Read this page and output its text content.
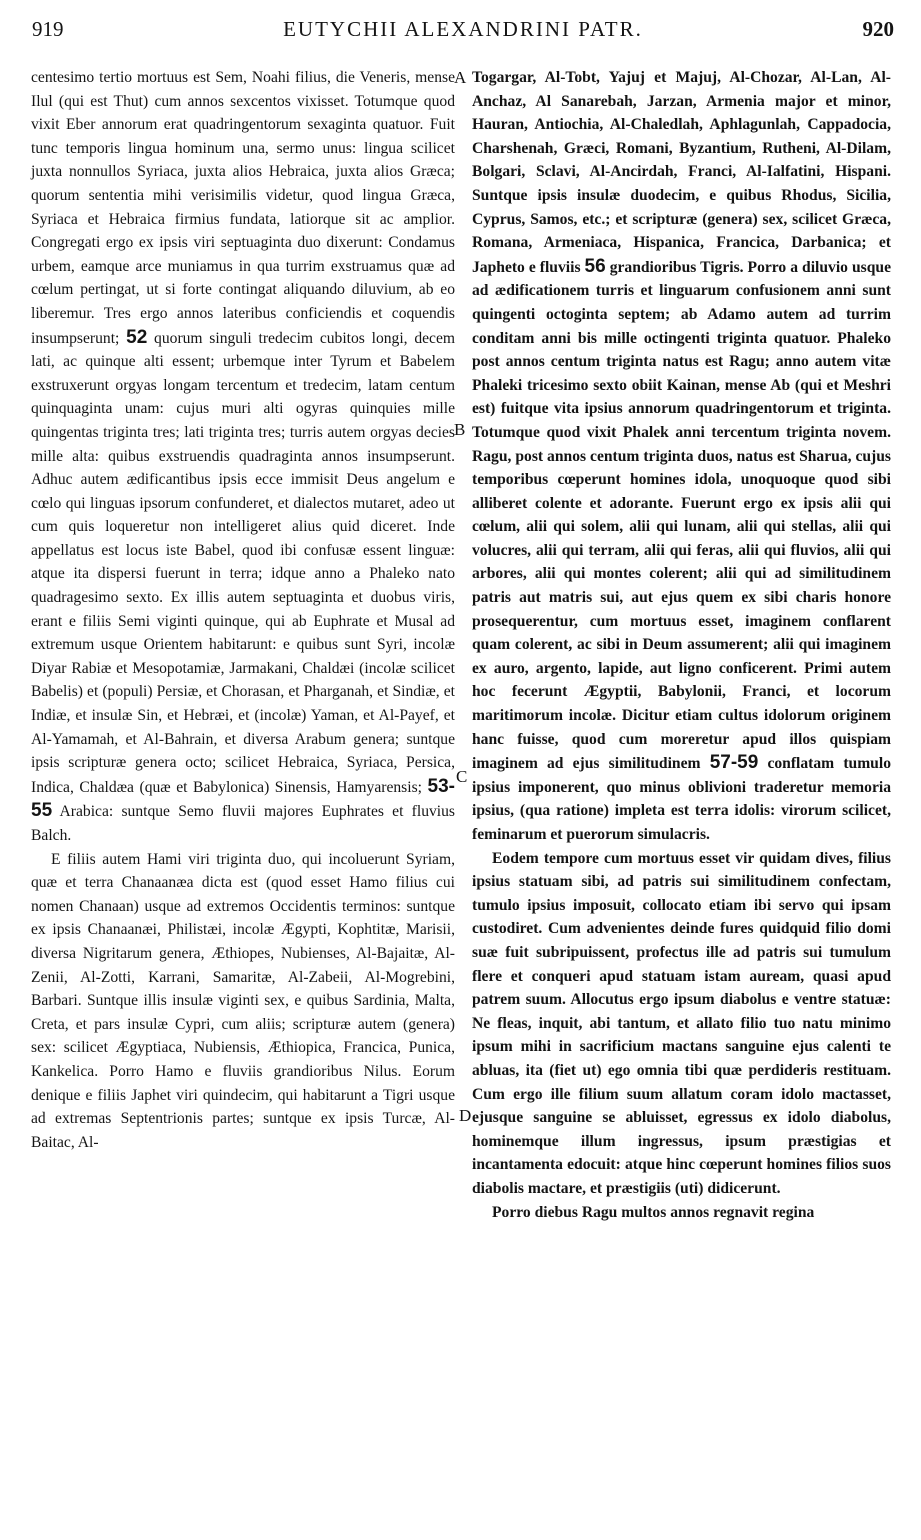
919	EUTYCHII ALEXANDRINI PATR.	920
A
B
C
D

centesimo tertio mortuus est Sem, Noahi filius, die Veneris, mense Ilul (qui est Thut) cum annos sexcentos vixisset. Totumque quod vixit Eber annorum erat quadringentorum sexaginta quatuor. Fuit tunc temporis lingua hominum una, sermo unus: lingua scilicet juxta nonnullos Syriaca, juxta alios Hebraica, juxta alios Græca; quorum sententia mihi verisimilis videtur, quod lingua Græca, Syriaca et Hebraica firmius fundata, latiorque sit ac amplior. Congregati ergo ex ipsis viri septuaginta duo dixerunt: Condamus urbem, eamque arce muniamus in qua turrim exstruamus quæ ad cœlum pertingat, ut si forte contingat aliquando diluvium, ab eo liberemur. Tres ergo annos lateribus conficiendis et coquendis insumpserunt; 52 quorum singuli tredecim cubitos longi, decem lati, ac quinque alti essent; urbemque inter Tyrum et Babelem exstruxerunt orgyas longam tercentum et tredecim, latam centum quinquaginta unam: cujus muri alti ogyras quinquies mille quingentas triginta tres; lati triginta tres; turris autem orgyas decies mille alta: quibus exstruendis quadraginta annos insumpserunt. Adhuc autem ædificantibus ipsis ecce immisit Deus angelum e cœlo qui linguas ipsorum confunderet, et dialectos mutaret, adeo ut cum quis loqueretur non intelligeret alius quid diceret. Inde appellatus est locus iste Babel, quod ibi confusæ essent linguæ: atque ita dispersi fuerunt in terra; idque anno a Phaleko nato quadragesimo sexto. Ex illis autem septuaginta et duobus viris, erant e filiis Semi viginti quinque, qui ab Euphrate et Musal ad extremum usque Orientem habitarunt: e quibus sunt Syri, incolæ Diyar Rabiæ et Mesopotamiæ, Jarmakani, Chaldæi (incolæ scilicet Babelis) et (populi) Persiæ, et Chorasan, et Pharganah, et Sindiæ, et Indiæ, et insulæ Sin, et Hebræi, et (incolæ) Yaman, et Al-Payef, et Al-Yamamah, et Al-Bahrain, et diversa Arabum genera; suntque ipsis scripturæ genera octo; scilicet Hebraica, Syriaca, Persica, Indica, Chaldæa (quæ et Babylonica) Sinensis, Hamyarensis; 53-55 Arabica: suntque Semo fluvii majores Euphrates et fluvius Balch.

E filiis autem Hami viri triginta duo, qui incoluerunt Syriam, quæ et terra Chanaanæa dicta est (quod esset Hamo filius cui nomen Chanaan) usque ad extremos Occidentis terminos: suntque ex ipsis Chanaanæi, Philistæi, incolæ Ægypti, Kophtitæ, Marisii, diversa Nigritarum genera, Æthiopes, Nubienses, Al-Bajaitæ, Al-Zenii, Al-Zotti, Karrani, Samaritæ, Al-Zabeii, Al-Mogrebini, Barbari. Suntque illis insulæ viginti sex, e quibus Sardinia, Malta, Creta, et pars insulæ Cypri, cum aliis; scripturæ autem (genera) sex: scilicet Ægyptiaca, Nubiensis, Æthiopica, Francica, Punica, Kankelica. Porro Hamo e fluviis grandioribus Nilus. Eorum denique e filiis Japhet viri quindecim, qui habitarunt a Tigri usque ad extremas Septentrionis partes; suntque ex ipsis Turcæ, Al-Baitac, Al-

Togargar, Al-Tobt, Yajuj et Majuj, Al-Chozar, Al-Lan, Al-Anchaz, Al Sanarebah, Jarzan, Armenia major et minor, Hauran, Antiochia, Al-Chaledlah, Aphlagunlah, Cappadocia, Charshenah, Græci, Romani, Byzantium, Rutheni, Al-Dilam, Bolgari, Sclavi, Al-Ancirdah, Franci, Al-Ialfatini, Hispani. Suntque ipsis insulæ duodecim, e quibus Rhodus, Sicilia, Cyprus, Samos, etc.; et scripturæ (genera) sex, scilicet Græca, Romana, Armeniaca, Hispanica, Francica, Darbanica; et Japheto e fluviis 56 grandioribus Tigris. Porro a diluvio usque ad ædificationem turris et linguarum confusionem anni sunt quingenti octoginta septem; ab Adamo autem ad turrim conditam anni bis mille octingenti triginta quatuor. Phaleko post annos centum triginta natus est Ragu; anno autem vitæ Phaleki tricesimo sexto obiit Kainan, mense Ab (qui et Meshri est) fuitque vita ipsius annorum quadringentorum et triginta. Totumque quod vixit Phalek anni tercentum triginta novem. Ragu, post annos centum triginta duos, natus est Sharua, cujus temporibus cœperunt homines idola, unoquoque quod sibi alliberet colente et adorante. Fuerunt ergo ex ipsis alii qui cœlum, alii qui solem, alii qui lunam, alii qui stellas, alii qui volucres, alii qui terram, alii qui feras, alii qui fluvios, alii qui arbores, alii qui montes colerent; alii qui ad similitudinem patris aut matris sui, aut ejus quem ex sibi charis honore prosequerentur, cum mortuus esset, imaginem conflarent quam colerent, ac sibi in Deum assumerent; alii qui imaginem ex auro, argento, lapide, aut ligno conficerent. Primi autem hoc fecerunt Ægyptii, Babylonii, Franci, et locorum maritimorum incolæ. Dicitur etiam cultus idolorum originem hanc fuisse, quod cum moreretur apud illos quispiam imaginem ad ejus similitudinem 57-59 conflatam tumulo ipsius imponerent, quo minus oblivioni traderetur memoria ipsius, (qua ratione) impleta est terra idolis: virorum scilicet, feminarum et puerorum simulacris.

Eodem tempore cum mortuus esset vir quidam dives, filius ipsius statuam sibi, ad patris sui similitudinem confectam, tumulo ipsius imposuit, collocato etiam ibi servo qui ipsam custodiret. Cum advenientes deinde fures quidquid filio domi suæ fuit subripuissent, profectus ille ad patris sui tumulum flere et conqueri apud statuam istam auream, quasi apud patrem suum. Allocutus ergo ipsum diabolus e ventre statuæ: Ne fleas, inquit, abi tantum, et allato filio tuo natu minimo ipsum mihi in sacrificium mactans sanguine ejus calenti te abluas, ita (fiet ut) ego omnia tibi quæ perdideris restituam. Cum ergo ille filium suum allatum coram idolo mactasset, ejusque sanguine se abluisset, egressus ex idolo diabolus, hominemque illum ingressus, ipsum præstigias et incantamenta edocuit: atque hinc cœperunt homines filios suos diabolis mactare, et præstigiis (uti) didicerunt.

Porro diebus Ragu multos annos regnavit regina
